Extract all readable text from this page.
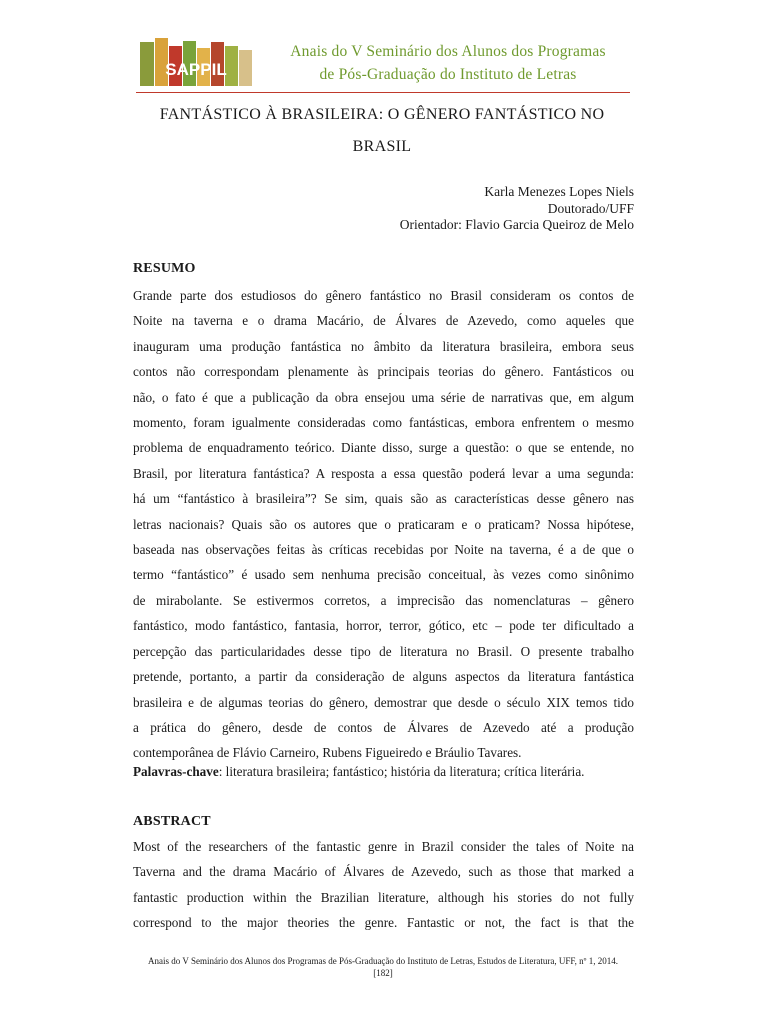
SAPPIL
Anais do V Seminário dos Alunos dos Programas
de Pós-Graduação do Instituto de Letras
FANTÁSTICO À BRASILEIRA: O GÊNERO FANTÁSTICO NO
BRASIL
Karla Menezes Lopes Niels
Doutorado/UFF
Orientador: Flavio Garcia Queiroz de Melo
RESUMO
Grande parte dos estudiosos do gênero fantástico no Brasil consideram os contos de
Noite na taverna e o drama Macário, de Álvares de Azevedo, como aqueles que
inauguram uma produção fantástica no âmbito da literatura brasileira, embora seus
contos não correspondam plenamente às principais teorias do gênero. Fantásticos ou
não, o fato é que a publicação da obra ensejou uma série de narrativas que, em algum
momento, foram igualmente consideradas como fantásticas, embora enfrentem o mesmo
problema de enquadramento teórico. Diante disso, surge a questão: o que se entende, no
Brasil, por literatura fantástica? A resposta a essa questão poderá levar a uma segunda:
há um “fantástico à brasileira”? Se sim, quais são as características desse gênero nas
letras nacionais? Quais são os autores que o praticaram e o praticam? Nossa hipótese,
baseada nas observações feitas às críticas recebidas por Noite na taverna, é a de que o
termo “fantástico” é usado sem nenhuma precisão conceitual, às vezes como sinônimo
de mirabolante. Se estivermos corretos, a imprecisão das nomenclaturas – gênero
fantástico, modo fantástico, fantasia, horror, terror, gótico, etc – pode ter dificultado a
percepção das particularidades desse tipo de literatura no Brasil. O presente trabalho
pretende, portanto, a partir da consideração de alguns aspectos da literatura fantástica
brasileira e de algumas teorias do gênero, demostrar que desde o século XIX temos tido
a prática do gênero, desde de contos de Álvares de Azevedo até a produção
contemporânea de Flávio Carneiro, Rubens Figueiredo e Bráulio Tavares.
Palavras-chave: literatura brasileira; fantástico; história da literatura; crítica literária.
ABSTRACT
Most of the researchers of the fantastic genre in Brazil consider the tales of Noite na
Taverna and the drama Macário of Álvares de Azevedo, such as those that marked a
fantastic production within the Brazilian literature, although his stories do not fully
correspond to the major theories the genre. Fantastic or not, the fact is that the
Anais do V Seminário dos Alunos dos Programas de Pós-Graduação do Instituto de Letras, Estudos de Literatura, UFF, nº 1, 2014.
[182]
